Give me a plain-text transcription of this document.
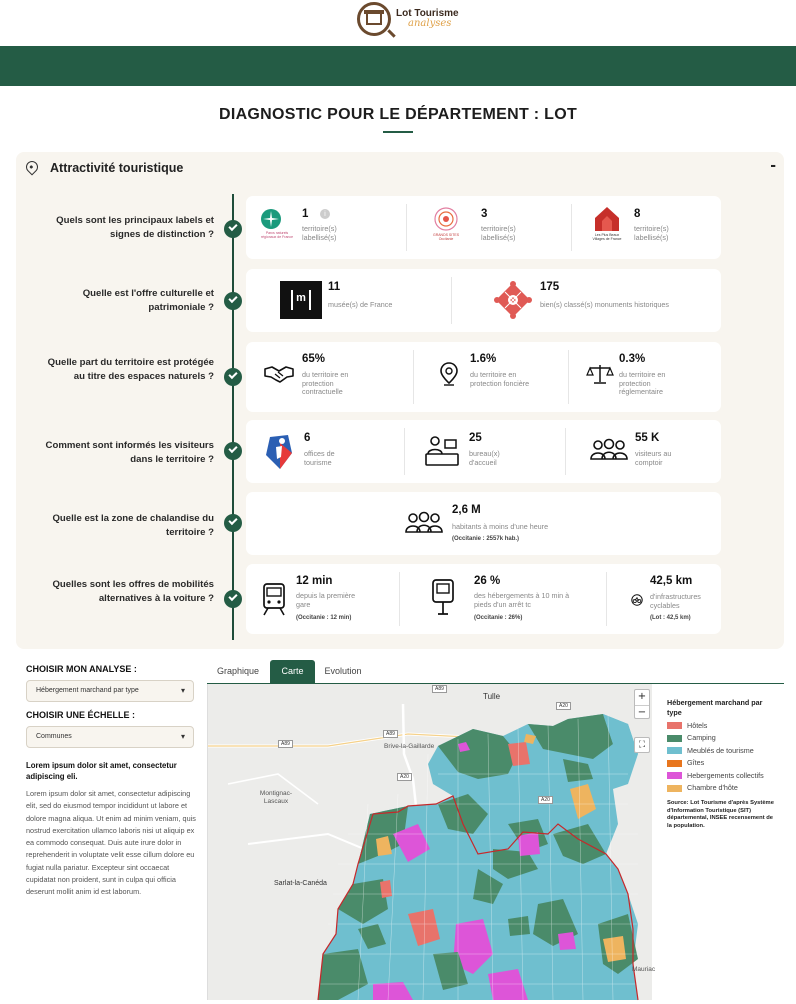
Lot Tourisme
analyses
DIAGNOSTIC POUR LE DÉPARTEMENT : LOT
Attractivité touristique	-
Quels sont les principaux labels et signes de distinction ?	Parcs naturels régionaux de France
1	i
territoire(s) labellisé(s)	GRANDS SITES Occitanie
3
territoire(s) labellisé(s)	Les Plus Beaux Villages de France
8
territoire(s) labellisé(s)
Quelle est l'offre culturelle et patrimoniale ?
m
11
musée(s) de France
175
bien(s) classé(s) monuments historiques
Quelle part du territoire est protégée au titre des espaces naturels ?
65%
du territoire en protection contractuelle
1.6%
du territoire en protection foncière
0.3%
du territoire en protection réglementaire
Comment sont informés les visiteurs dans le territoire ?
6
offices de tourisme
25
bureau(x) d'accueil
55 K
visiteurs au comptoir
Quelle est la zone de chalandise du territoire ?
2,6 M
habitants à moins d'une heure
(Occitanie : 2557k hab.)
Quelles sont les offres de mobilités alternatives à la voiture ?
12 min
depuis la première gare
(Occitanie : 12 min)
26 %
des hébergements à 10 min à pieds d'un arrêt tc
(Occitanie : 26%)
42,5 km
d'infrastructures cyclables
(Lot : 42,5 km)
CHOISIR MON ANALYSE :
Hébergement marchand par type ▾
CHOISIR UNE ÉCHELLE :
Communes ▾
Lorem ipsum dolor sit amet, consectetur adipiscing eli.
Lorem ipsum dolor sit amet, consectetur adipiscing elit, sed do eiusmod tempor incididunt ut labore et dolore magna aliqua. Ut enim ad minim veniam, quis nostrud exercitation ullamco laboris nisi ut aliquip ex ea commodo consequat. Duis aute irure dolor in reprehenderit in voluptate velit esse cillum dolore eu fugiat nulla pariatur. Excepteur sint occaecat cupidatat non proident, sunt in culpa qui officia deserunt mollit anim id est laborum.
Graphique	Carte	Evolution
Tulle
Brive-la-Gaillarde
Montignac-Lascaux
Sarlat-la-Canéda
Mauriac
A89
A89
A89
A20
A20
A20
+
−
⛶
Hébergement marchand par type
Hôtels
Camping
Meublés de tourisme
Gîtes
Hebergements collectifs
Chambre d'hôte
Source: Lot Tourisme d'après Système d'Information Touristique (SIT) départemental, INSEE recensement de la population.
